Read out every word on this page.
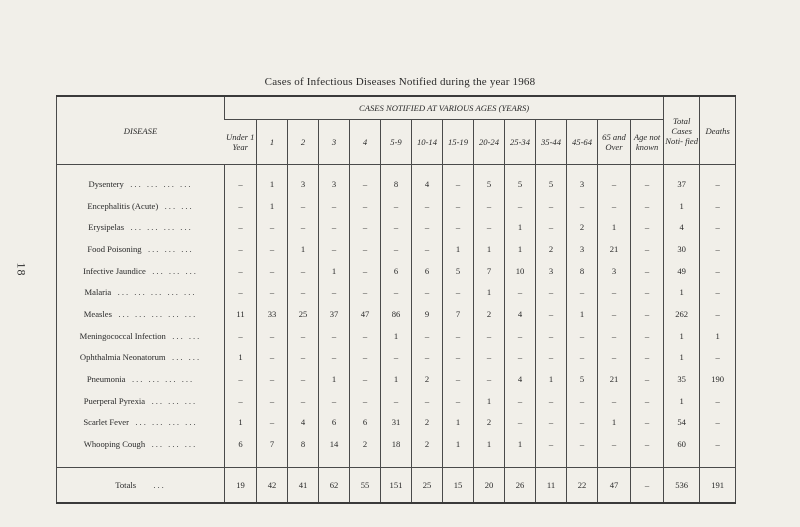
18
Cases of Infectious Diseases Notified during the year 1968
DISEASE	CASES NOTIFIED AT VARIOUS AGES (YEARS)														Total Cases Noti- fied	Deaths
	Under 1 Year	1	2	3	4	5-9	10-14	15-19	20-24	25-34	35-44	45-64	65 and Over	Age not known		

Dysentery ... ... ... ...	–	1	3	3	–	8	4	–	5	5	5	3	–	–	37	–
Encephalitis (Acute) ... ...	–	1	–	–	–	–	–	–	–	–	–	–	–	–	1	–
Erysipelas ... ... ... ...	–	–	–	–	–	–	–	–	–	1	–	2	1	–	4	–
Food Poisoning ... ... ...	–	–	1	–	–	–	–	1	1	1	2	3	21	–	30	–
Infective Jaundice ... ... ...	–	–	–	1	–	6	6	5	7	10	3	8	3	–	49	–
Malaria ... ... ... ... ...	–	–	–	–	–	–	–	–	1	–	–	–	–	–	1	–
Measles ... ... ... ... ...	11	33	25	37	47	86	9	7	2	4	–	1	–	–	262	–
Meningococcal Infection ... ...	–	–	–	–	–	1	–	–	–	–	–	–	–	–	1	1
Ophthalmia Neonatorum ... ...	1	–	–	–	–	–	–	–	–	–	–	–	–	–	1	–
Pneumonia ... ... ... ...	–	–	–	1	–	1	2	–	–	4	1	5	21	–	35	190
Puerperal Pyrexia ... ... ...	–	–	–	–	–	–	–	–	1	–	–	–	–	–	1	–
Scarlet Fever ... ... ... ...	1	–	4	6	6	31	2	1	2	–	–	–	1	–	54	–
Whooping Cough ... ... ...	6	7	8	14	2	18	2	1	1	1	–	–	–	–	60	–

Totals ...	19	42	41	62	55	151	25	15	20	26	11	22	47	–	536	191
